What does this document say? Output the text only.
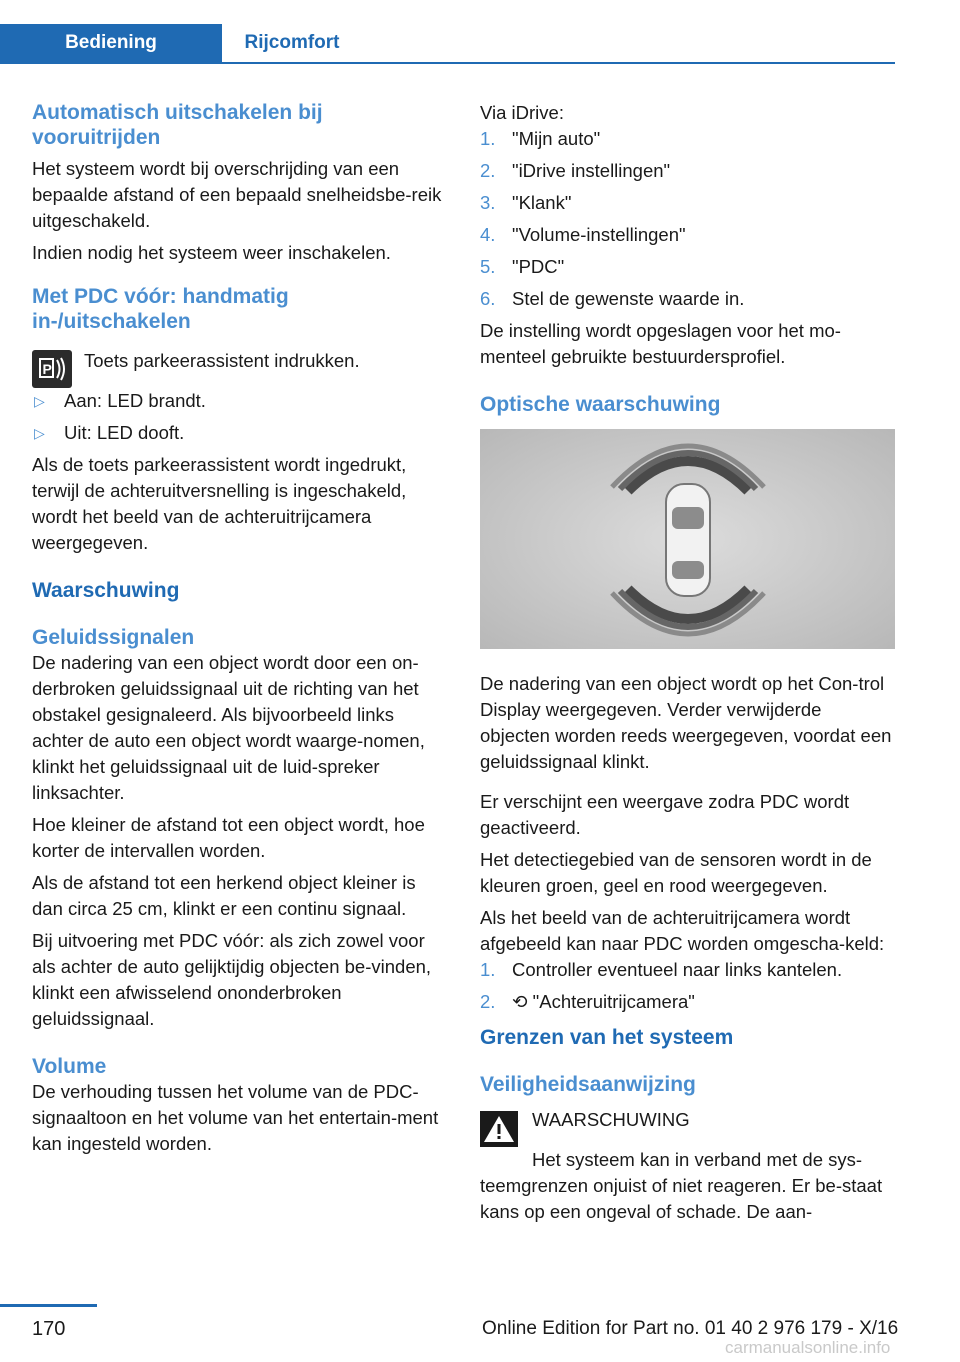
Bediening	Rijcomfort
Automatisch uitschakelen bij vooruitrijden

Het systeem wordt bij overschrijding van een bepaalde afstand of een bepaald snelheidsbe-reik uitgeschakeld.

Indien nodig het systeem weer inschakelen.

Met PDC vóór: handmatig in-/uitschakelen
P Toets parkeerassistent indrukken.

▷ Aan: LED brandt.
▷ Uit: LED dooft.

Als de toets parkeerassistent wordt ingedrukt, terwijl de achteruitversnelling is ingeschakeld, wordt het beeld van de achteruitrijcamera weergegeven.

Waarschuwing
Geluidssignalen

De nadering van een object wordt door een on-derbroken geluidssignaal uit de richting van het obstakel gesignaleerd. Als bijvoorbeeld links achter de auto een object wordt waarge-nomen, klinkt het geluidssignaal uit de luid-spreker linksachter.

Hoe kleiner de afstand tot een object wordt, hoe korter de intervallen worden.

Als de afstand tot een herkend object kleiner is dan circa 25 cm, klinkt er een continu signaal.

Bij uitvoering met PDC vóór: als zich zowel voor als achter de auto gelijktijdig objecten be-vinden, klinkt een afwisselend ononderbroken geluidssignaal.

Volume

De verhouding tussen het volume van de PDC-signaaltoon en het volume van het entertain-ment kan ingesteld worden.

Via iDrive:

1. "Mijn auto"
2. "iDrive instellingen"
3. "Klank"
4. "Volume-instellingen"
5. "PDC"
6. Stel de gewenste waarde in.

De instelling wordt opgeslagen voor het mo-menteel gebruikte bestuurdersprofiel.

Optische waarschuwing

De nadering van een object wordt op het Con-trol Display weergegeven. Verder verwijderde objecten worden reeds weergegeven, voordat een geluidssignaal klinkt.

Er verschijnt een weergave zodra PDC wordt geactiveerd.

Het detectiegebied van de sensoren wordt in de kleuren groen, geel en rood weergegeven.

Als het beeld van de achteruitrijcamera wordt afgebeeld kan naar PDC worden omgescha-keld:

1. Controller eventueel naar links kantelen.
2. ⟲ "Achteruitrijcamera"
Grenzen van het systeem
Veiligheidsaanwijzing

WAARSCHUWING

Het systeem kan in verband met de sys-teemgrenzen onjuist of niet reageren. Er be-staat kans op een ongeval of schade. De aan-

170	Online Edition for Part no. 01 40 2 976 179 - X/16
carmanualsonline.info
